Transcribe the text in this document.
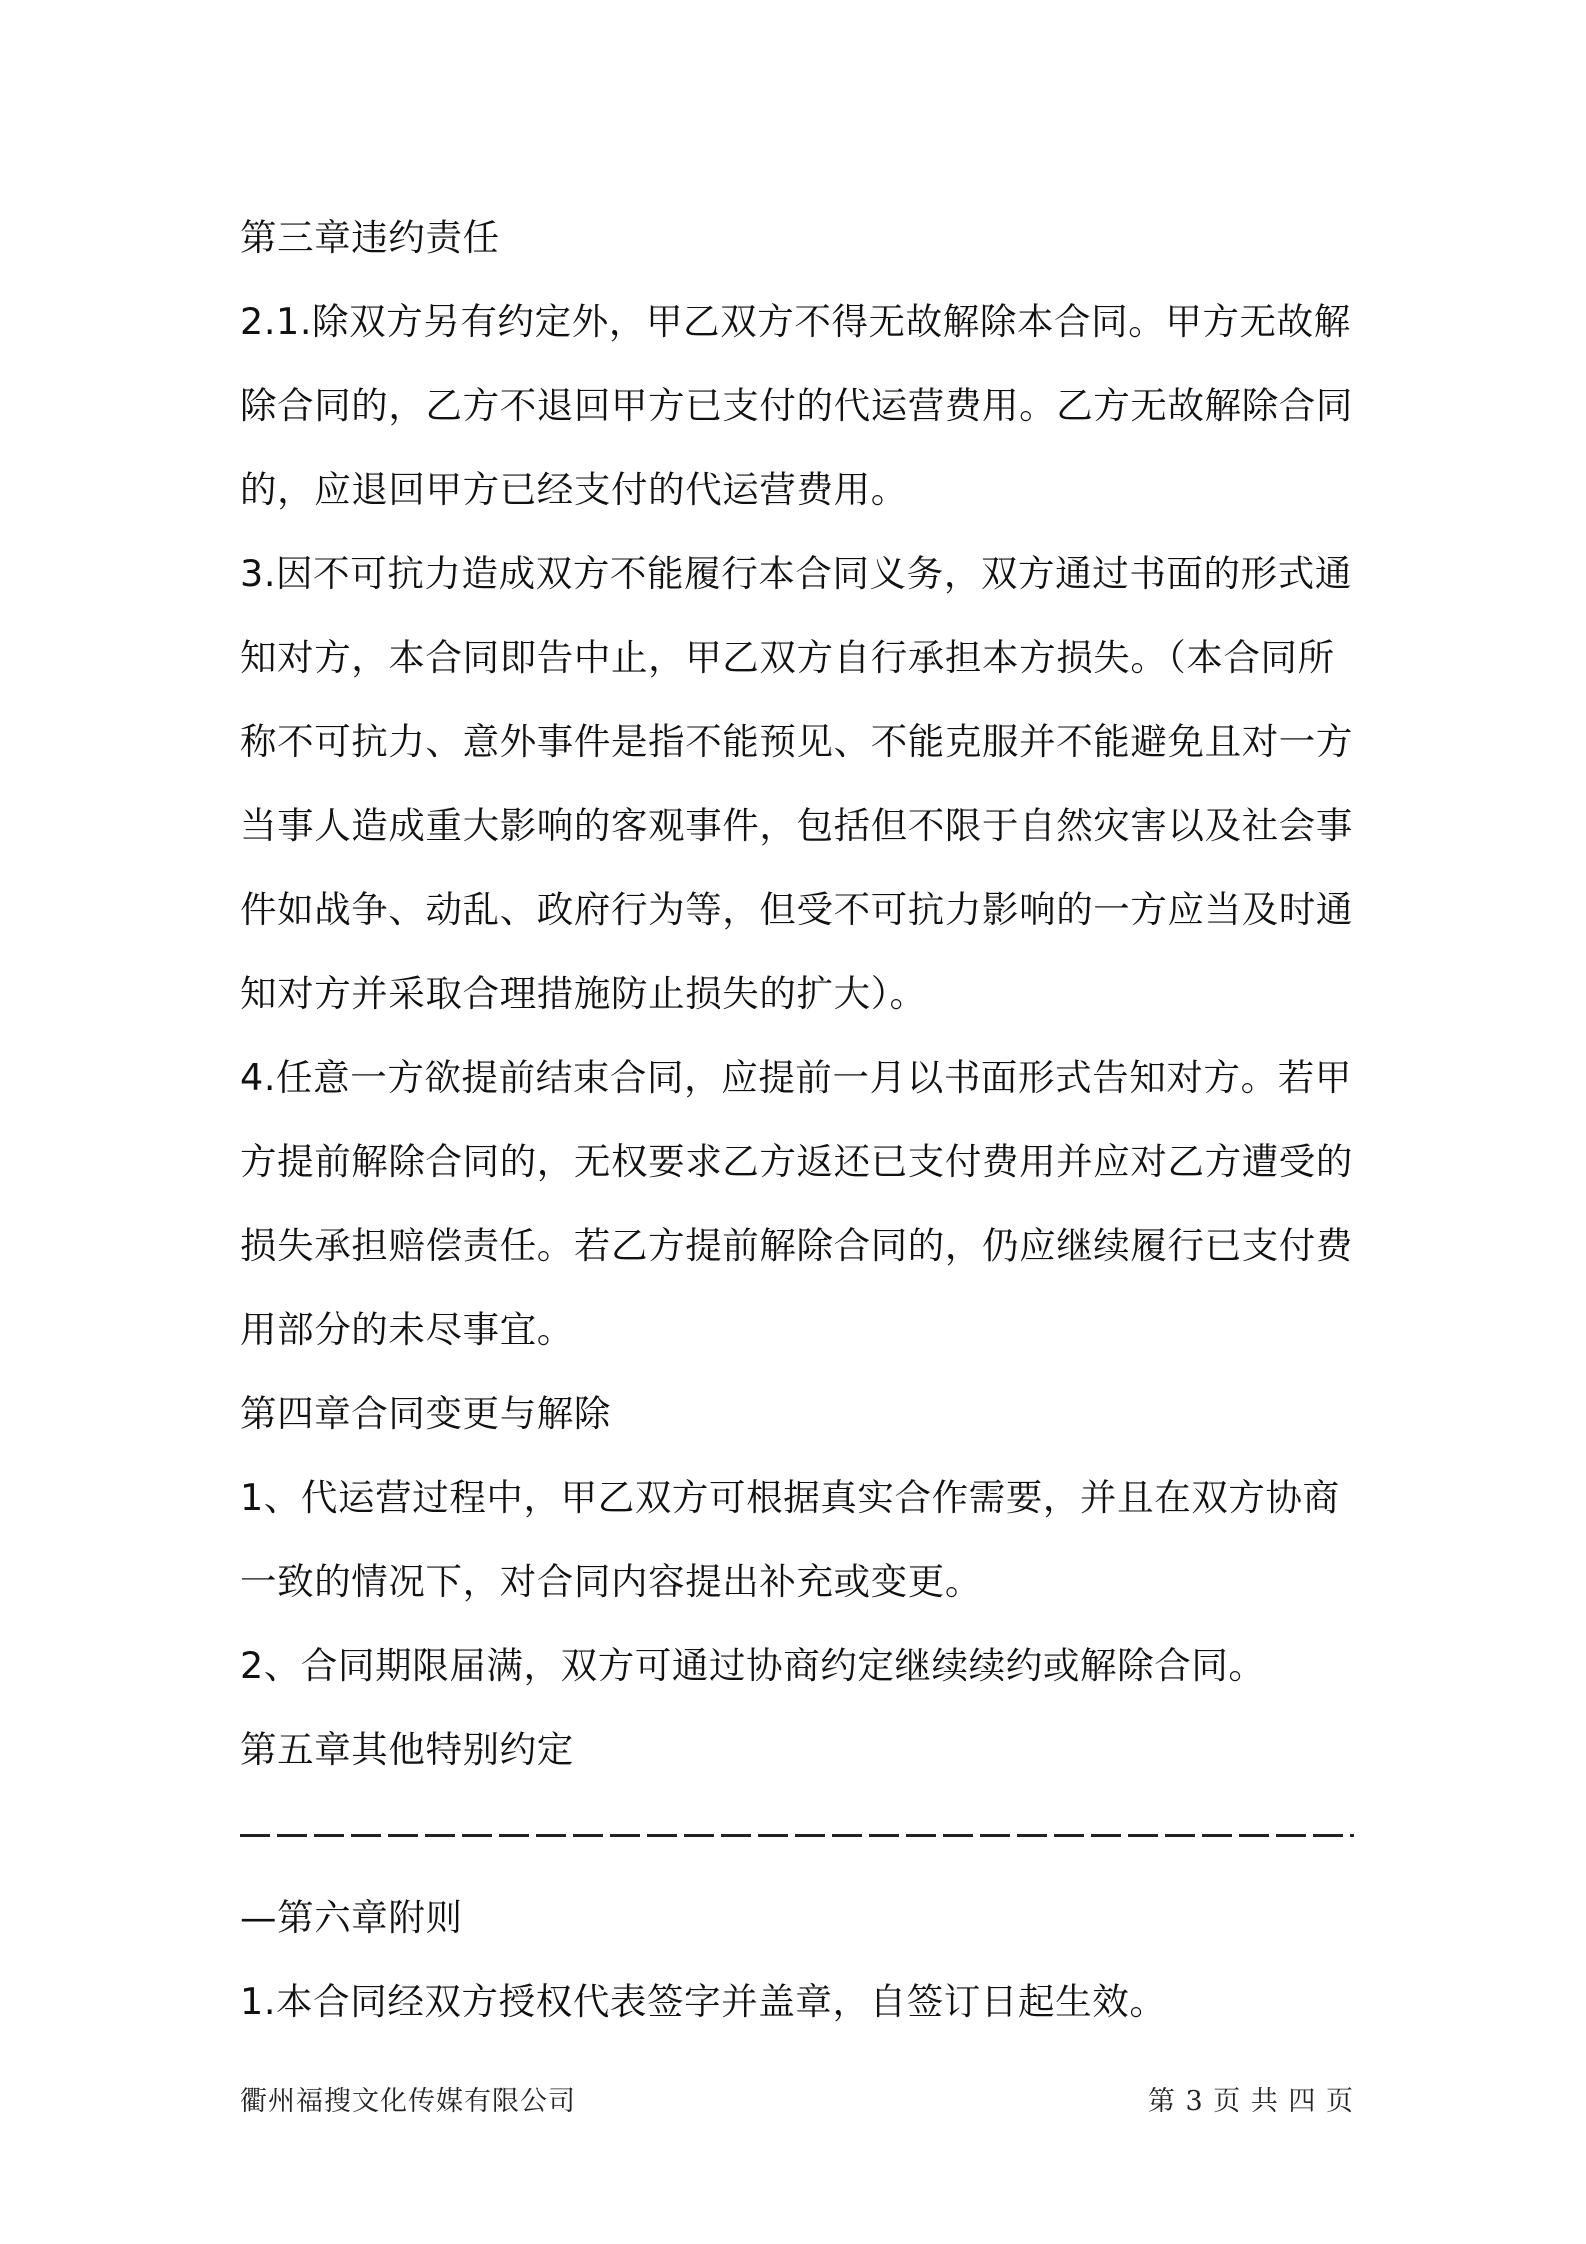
第三章违约责任
2.1.除双方另有约定外，甲乙双方不得无故解除本合同。甲方无故解
除合同的，乙方不退回甲方已支付的代运营费用。乙方无故解除合同
的，应退回甲方已经支付的代运营费用。
3.因不可抗力造成双方不能履行本合同义务，双方通过书面的形式通
知对方，本合同即告中止，甲乙双方自行承担本方损失。（本合同所
称不可抗力、意外事件是指不能预见、不能克服并不能避免且对一方
当事人造成重大影响的客观事件，包括但不限于自然灾害以及社会事
件如战争、动乱、政府行为等，但受不可抗力影响的一方应当及时通
知对方并采取合理措施防止损失的扩大）。
4.任意一方欲提前结束合同，应提前一月以书面形式告知对方。若甲
方提前解除合同的，无权要求乙方返还已支付费用并应对乙方遭受的
损失承担赔偿责任。若乙方提前解除合同的，仍应继续履行已支付费
用部分的未尽事宜。
第四章合同变更与解除
1、代运营过程中，甲乙双方可根据真实合作需要，并且在双方协商
一致的情况下，对合同内容提出补充或变更。
2、合同期限届满，双方可通过协商约定继续续约或解除合同。
第五章其他特别约定
—第六章附则
1.本合同经双方授权代表签字并盖章，自签订日起生效。
衢州福搜文化传媒有限公司	第 3 页 共 四 页
